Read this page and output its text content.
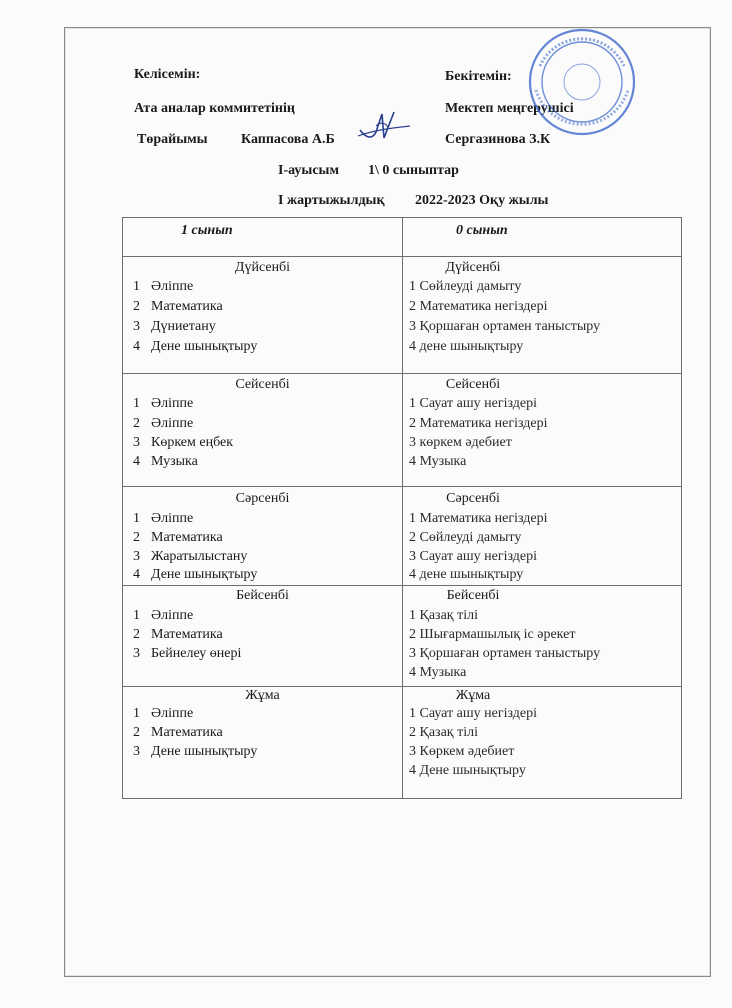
Келісемін:
Ата аналар коммитетінің
Төрайымы Каппасова А.Б
Бекітемін:
Мектеп меңгерушісі
Сергазинова З.К
І-ауысым 1\ 0 сыныптар
І жартыжылдық 2022-2023 Оқу жылы
1 сынып	0 сынып
Дүйсенбі
1 Әліппе
2 Математика
3 Дүниетану
4 Дене шынықтыру
Дүйсенбі
1 Сөйлеуді дамыту
2 Математика негіздері
3 Қоршаған ортамен таныстыру
4 дене шынықтыру
Сейсенбі
1 Әліппе
2 Әліппе
3 Көркем еңбек
4 Музыка
Сейсенбі
1 Сауат ашу негіздері
2 Математика негіздері
3 көркем әдебиет
4 Музыка
Сәрсенбі
1 Әліппе
2 Математика
3 Жаратылыстану
4 Дене шынықтыру
Сәрсенбі
1 Математика негіздері
2 Сөйлеуді дамыту
3 Сауат ашу негіздері
4 дене шынықтыру
Бейсенбі
1 Әліппе
2 Математика
3 Бейнелеу өнері
Бейсенбі
1 Қазақ тілі
2 Шығармашылық іс әрекет
3 Қоршаған ортамен таныстыру
4 Музыка
Жұма
1 Әліппе
2 Математика
3 Дене шынықтыру
Жұма
1 Сауат ашу негіздері
2 Қазақ тілі
3 Көркем әдебиет
4 Дене шынықтыру
